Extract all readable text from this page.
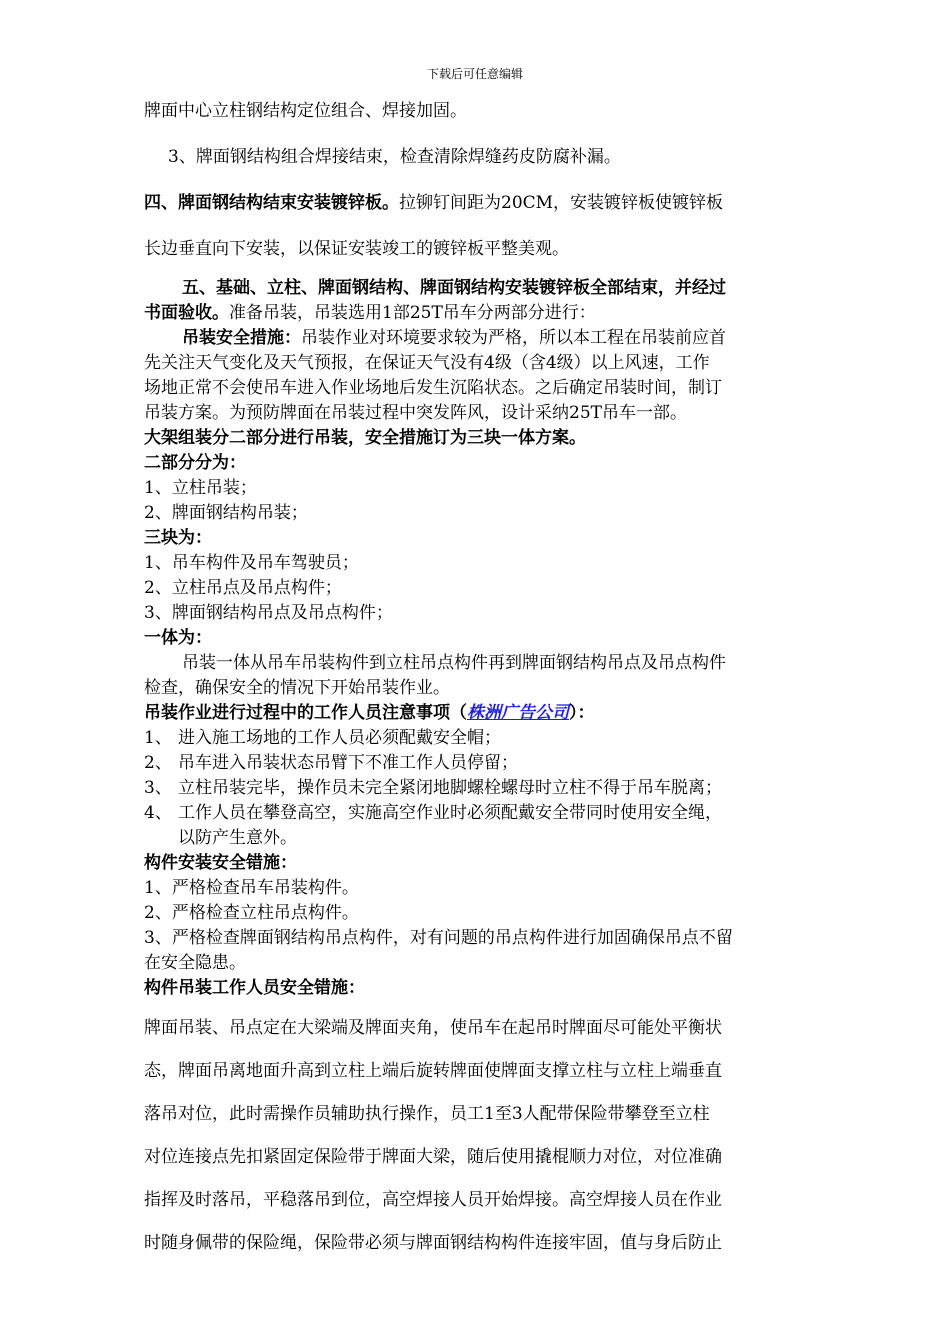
下载后可任意编辑

牌面中心立柱钢结构定位组合、焊接加固。

3、牌面钢结构组合焊接结束，检查清除焊缝药皮防腐补漏。

四、牌面钢结构结束安装镀锌板。拉铆钉间距为20CM，安装镀锌板使镀锌板

长边垂直向下安装，以保证安装竣工的镀锌板平整美观。

五、基础、立柱、牌面钢结构、牌面钢结构安装镀锌板全部结束，并经过

书面验收。准备吊装，吊装选用1部25T吊车分两部分进行：

吊装安全措施：吊装作业对环境要求较为严格，所以本工程在吊装前应首

先关注天气变化及天气预报，在保证天气没有4级（含4级）以上风速，工作

场地正常不会使吊车进入作业场地后发生沉陷状态。之后确定吊装时间，制订

吊装方案。为预防牌面在吊装过程中突发阵风，设计采纳25T吊车一部。

大架组装分二部分进行吊装，安全措施订为三块一体方案。

二部分分为：

1、立柱吊装；

2、牌面钢结构吊装；

三块为：

1、吊车构件及吊车驾驶员；

2、立柱吊点及吊点构件；

3、牌面钢结构吊点及吊点构件；

一体为：

吊装一体从吊车吊装构件到立柱吊点构件再到牌面钢结构吊点及吊点构件

检查，确保安全的情况下开始吊装作业。

吊装作业进行过程中的工作人员注意事项（株洲广告公司）：

1、 进入施工场地的工作人员必须配戴安全帽；
2、 吊车进入吊装状态吊臂下不准工作人员停留；
3、 立柱吊装完毕，操作员未完全紧闭地脚螺栓螺母时立柱不得于吊车脱离；
4、 工作人员在攀登高空，实施高空作业时必须配戴安全带同时使用安全绳，

以防产生意外。

构件安装安全错施：

1、严格检查吊车吊装构件。

2、严格检查立柱吊点构件。

3、严格检查牌面钢结构吊点构件，对有问题的吊点构件进行加固确保吊点不留

在安全隐患。

构件吊装工作人员安全错施：

牌面吊装、吊点定在大梁端及牌面夹角，使吊车在起吊时牌面尽可能处平衡状

态，牌面吊离地面升高到立柱上端后旋转牌面使牌面支撑立柱与立柱上端垂直

落吊对位，此时需操作员辅助执行操作，员工1至3人配带保险带攀登至立柱

对位连接点先扣紧固定保险带于牌面大梁，随后使用撬棍顺力对位，对位准确

指挥及时落吊，平稳落吊到位，高空焊接人员开始焊接。高空焊接人员在作业

时随身佩带的保险绳，保险带必须与牌面钢结构构件连接牢固，值与身后防止
